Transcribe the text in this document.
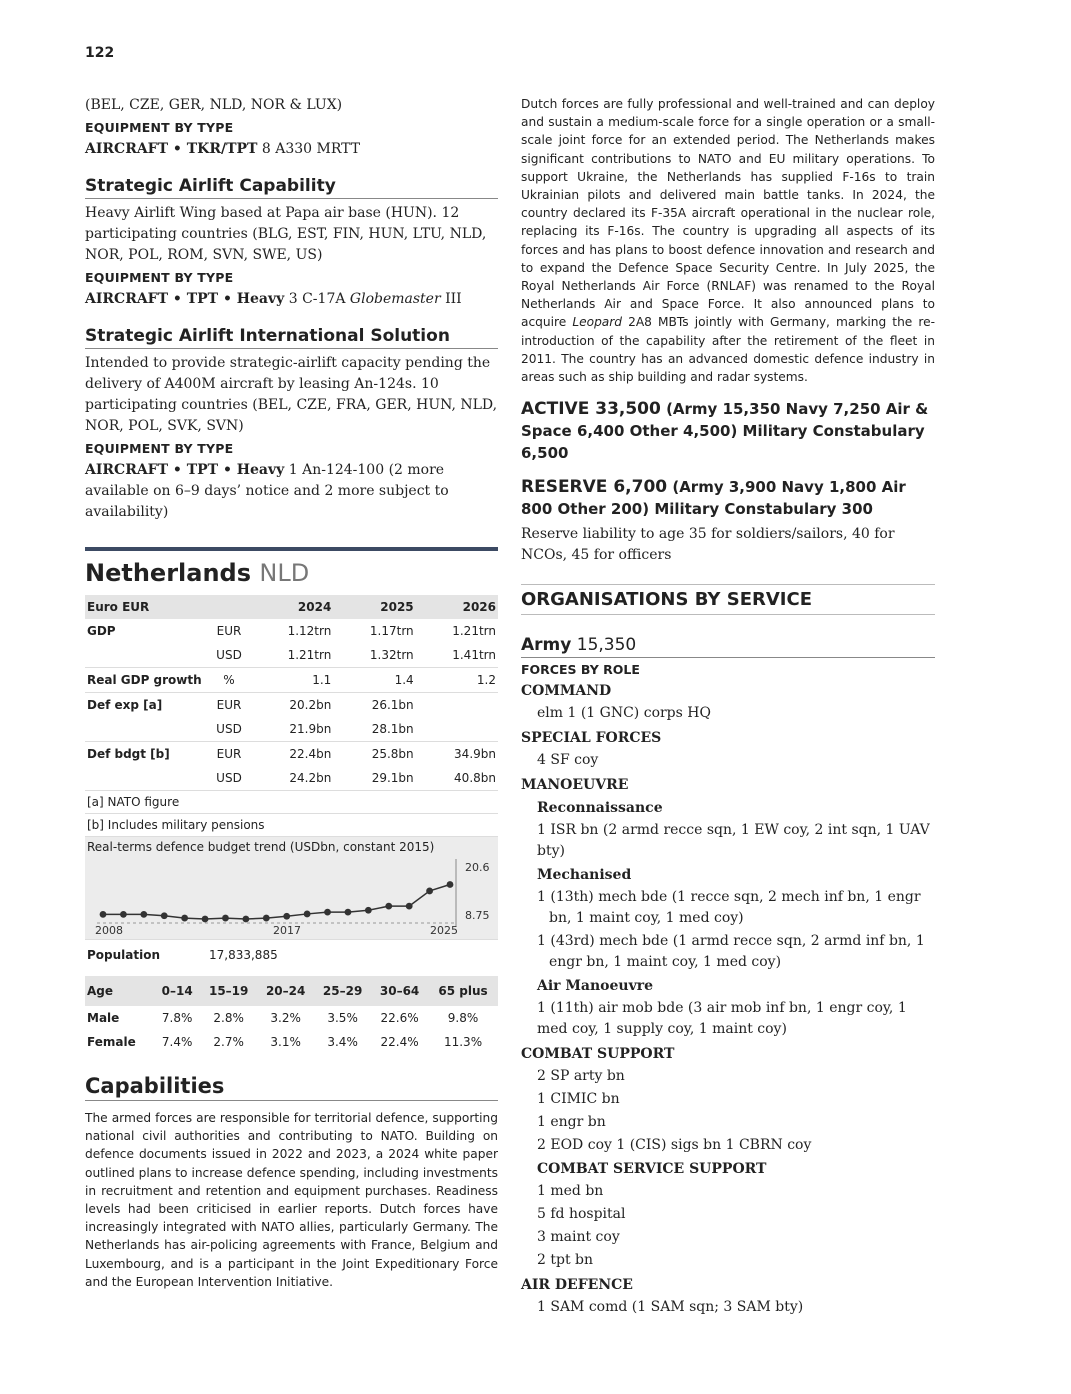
122
(BEL, CZE, GER, NLD, NOR & LUX)
EQUIPMENT BY TYPE
AIRCRAFT • TKR/TPT 8 A330 MRTT
Strategic Airlift Capability
Heavy Airlift Wing based at Papa air base (HUN). 12 participating countries (BLG, EST, FIN, HUN, LTU, NLD, NOR, POL, ROM, SVN, SWE, US)
EQUIPMENT BY TYPE
AIRCRAFT • TPT • Heavy 3 C-17A Globemaster III
Strategic Airlift International Solution
Intended to provide strategic-airlift capacity pending the delivery of A400M aircraft by leasing An-124s. 10 participating countries (BEL, CZE, FRA, GER, HUN, NLD, NOR, POL, SVK, SVN)
EQUIPMENT BY TYPE
AIRCRAFT • TPT • Heavy 1 An-124-100 (2 more available on 6–9 days’ notice and 2 more subject to availability)
Netherlands NLD
Euro EUR		2024	2025	2026
GDP	EUR	1.12trn	1.17trn	1.21trn
	USD	1.21trn	1.32trn	1.41trn
Real GDP growth	%	1.1	1.4	1.2
Def exp [a]	EUR	20.2bn	26.1bn	
	USD	21.9bn	28.1bn	
Def bdgt [b]	EUR	22.4bn	25.8bn	34.9bn
	USD	24.2bn	29.1bn	40.8bn
[a] NATO figure
[b] Includes military pensions
Real-terms defence budget trend (USDbn, constant 2015)
2008	2017	2025
20.6
8.75
Population	17,833,885
Age	0–14	15–19	20–24	25–29	30–64	65 plus
Male	7.8%	2.8%	3.2%	3.5%	22.6%	9.8%
Female	7.4%	2.7%	3.1%	3.4%	22.4%	11.3%
Capabilities
The armed forces are responsible for territorial defence, supporting national civil authorities and contributing to NATO. Building on defence documents issued in 2022 and 2023, a 2024 white paper outlined plans to increase defence spending, including investments in recruitment and retention and equipment purchases. Readiness levels had been criticised in earlier reports. Dutch forces have increasingly integrated with NATO allies, particularly Germany. The Netherlands has air-policing agreements with France, Belgium and Luxembourg, and is a participant in the Joint Expeditionary Force and the European Intervention Initiative.
Dutch forces are fully professional and well-trained and can deploy and sustain a medium-scale force for a single operation or a small-scale joint force for an extended period. The Netherlands makes significant contributions to NATO and EU military operations. To support Ukraine, the Netherlands has supplied F-16s to train Ukrainian pilots and delivered main battle tanks. In 2024, the country declared its F-35A aircraft operational in the nuclear role, replacing its F-16s. The country is upgrading all aspects of its forces and has plans to boost defence innovation and research and to expand the Defence Space Security Centre. In July 2025, the Royal Netherlands Air Force (RNLAF) was renamed to the Royal Netherlands Air and Space Force. It also announced plans to acquire Leopard 2A8 MBTs jointly with Germany, marking the re-introduction of the capability after the retirement of the fleet in 2011. The country has an advanced domestic defence industry in areas such as ship building and radar systems.
ACTIVE 33,500 (Army 15,350 Navy 7,250 Air & Space 6,400 Other 4,500) Military Constabulary 6,500
RESERVE 6,700 (Army 3,900 Navy 1,800 Air 800 Other 200) Military Constabulary 300
Reserve liability to age 35 for soldiers/sailors, 40 for NCOs, 45 for officers
ORGANISATIONS BY SERVICE
Army 15,350
FORCES BY ROLE
COMMAND
elm 1 (1 GNC) corps HQ
SPECIAL FORCES
4 SF coy
MANOEUVRE
Reconnaissance
1 ISR bn (2 armd recce sqn, 1 EW coy, 2 int sqn, 1 UAV bty)
Mechanised
1 (13th) mech bde (1 recce sqn, 2 mech inf bn, 1 engr bn, 1 maint coy, 1 med coy)
1 (43rd) mech bde (1 armd recce sqn, 2 armd inf bn, 1 engr bn, 1 maint coy, 1 med coy)
Air Manoeuvre
1 (11th) air mob bde (3 air mob inf bn, 1 engr coy, 1 med coy, 1 supply coy, 1 maint coy)
COMBAT SUPPORT
2 SP arty bn
1 CIMIC bn
1 engr bn
2 EOD coy 1 (CIS) sigs bn 1 CBRN coy
COMBAT SERVICE SUPPORT
1 med bn
5 fd hospital
3 maint coy
2 tpt bn
AIR DEFENCE
1 SAM comd (1 SAM sqn; 3 SAM bty)
